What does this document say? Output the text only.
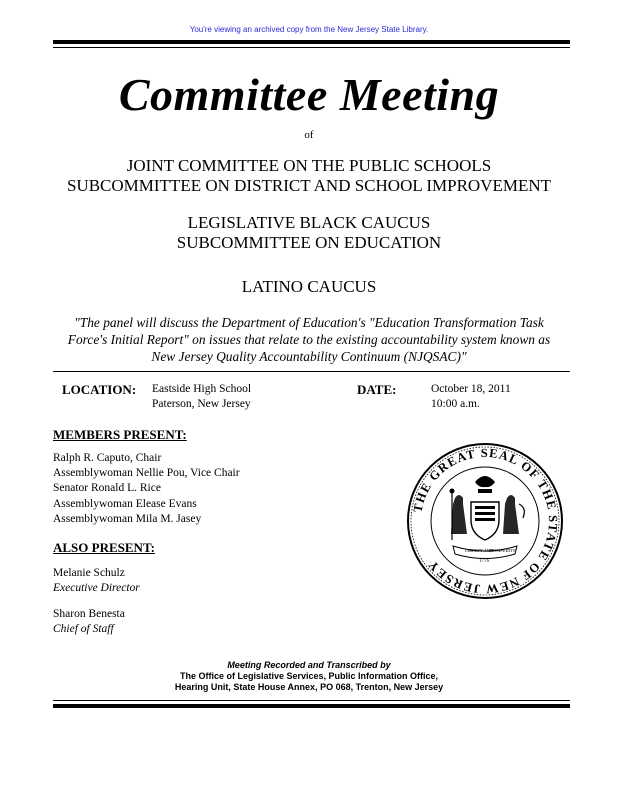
You're viewing an archived copy from the New Jersey State Library.
Committee Meeting
of
JOINT COMMITTEE ON THE PUBLIC SCHOOLS
SUBCOMMITTEE ON DISTRICT AND SCHOOL IMPROVEMENT
LEGISLATIVE BLACK CAUCUS
SUBCOMMITTEE ON EDUCATION
LATINO CAUCUS
"The panel will discuss the Department of Education's "Education Transformation Task Force's Initial Report" on issues that relate to the existing accountability system known as New Jersey Quality Accountability Continuum (NJQSAC)"
LOCATION: Eastside High School
Paterson, New Jersey
DATE:	October 18, 2011
10:00 a.m.
MEMBERS PRESENT:
Ralph R. Caputo, Chair
Assemblywoman Nellie Pou, Vice Chair
Senator Ronald L. Rice
Assemblywoman Elease Evans
Assemblywoman Mila M. Jasey
ALSO PRESENT:
Melanie Schulz
Executive Director
Sharon Benesta
Chief of Staff
THE GREAT SEAL OF THE STATE OF NEW JERSEY
LIBERTY AND
PROSPERITY
1776
Meeting Recorded and Transcribed by
The Office of Legislative Services, Public Information Office,
Hearing Unit, State House Annex, PO 068, Trenton, New Jersey
